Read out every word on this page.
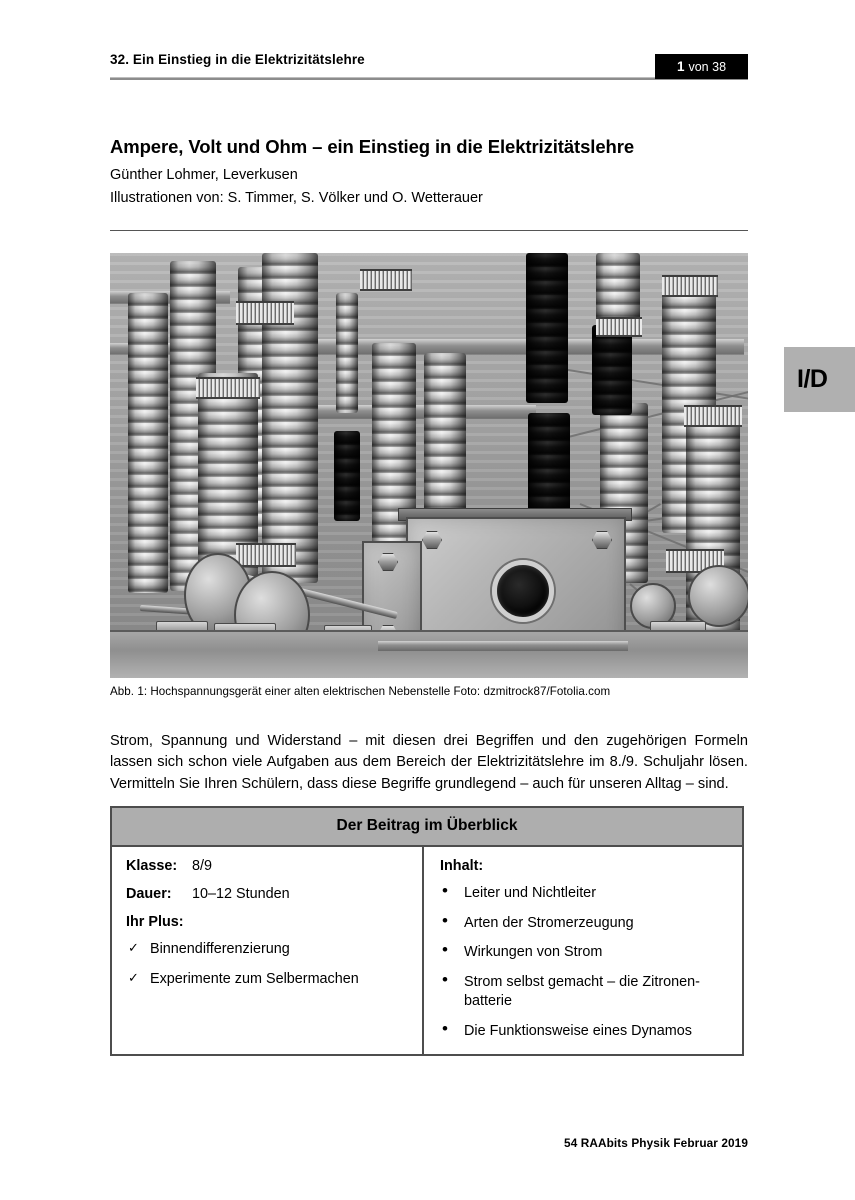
32. Ein Einstieg in die Elektrizitätslehre	1 von 38
Ampere, Volt und Ohm – ein Einstieg in die Elektrizitätslehre
Günther Lohmer, Leverkusen
Illustrationen von: S. Timmer, S. Völker und O. Wetterauer
Abb. 1: Hochspannungsgerät einer alten elektrischen Nebenstelle Foto: dzmitrock87/Fotolia.com

Strom, Spannung und Widerstand – mit diesen drei Begriffen und den zugehörigen Formeln lassen sich schon viele Aufgaben aus dem Bereich der Elektrizitätslehre im 8./9. Schuljahr lösen. Vermitteln Sie Ihren Schülern, dass diese Begriffe grundlegend – auch für unseren Alltag – sind.

Der Beitrag im Überblick
Klasse: 8/9
Dauer: 10–12 Stunden
Ihr Plus:
✓ Binnendifferenzierung
✓ Experimente zum Selbermachen
Inhalt:
• Leiter und Nichtleiter
• Arten der Stromerzeugung
• Wirkungen von Strom
• Strom selbst gemacht – die Zitronen-batterie
• Die Funktionsweise eines Dynamos
I/D
54 RAAbits Physik Februar 2019
